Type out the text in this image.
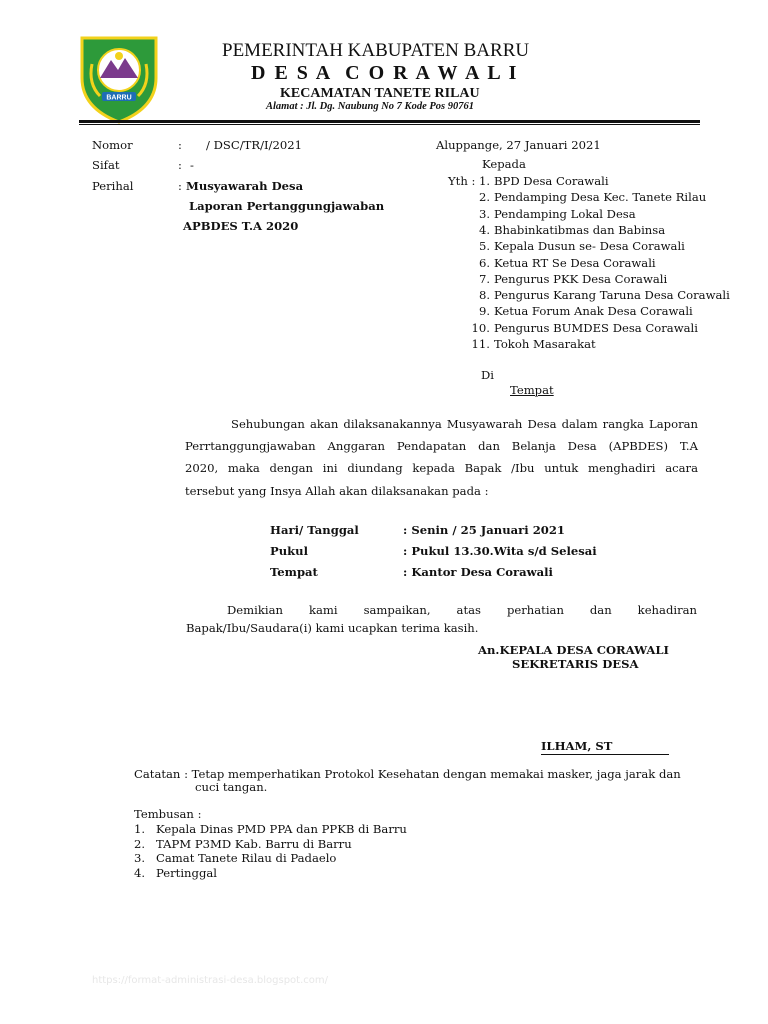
BARRU
PEMERINTAH KABUPATEN BARRU
D E S A  C O R A W A L I
KECAMATAN TANETE RILAU
Alamat : Jl. Dg. Naubung No 7 Kode Pos 90761
Nomor	: / DSC/TR/I/2021
Sifat	: -
Perihal	: Musyawarah Desa
Laporan Pertanggungjawaban
APBDES T.A 2020
Aluppange, 27 Januari 2021
Kepada
Yth : 1. BPD Desa Corawali
2. Pendamping Desa Kec. Tanete Rilau
3. Pendamping Lokal Desa
4. Bhabinkatibmas dan Babinsa
5. Kepala Dusun se- Desa Corawali
6. Ketua RT Se Desa Corawali
7. Pengurus PKK Desa Corawali
8. Pengurus Karang Taruna Desa Corawali
9. Ketua Forum Anak Desa Corawali
10. Pengurus BUMDES Desa Corawali
11. Tokoh Masarakat
Di
Tempat
Sehubungan akan dilaksanakannya Musyawarah Desa dalam rangka Laporan
Perrtanggungjawaban Anggaran Pendapatan dan Belanja Desa (APBDES) T.A
2020, maka dengan ini diundang kepada Bapak /Ibu untuk menghadiri acara
tersebut yang Insya Allah akan dilaksanakan pada :
Hari/ Tanggal	: Senin / 25 Januari 2021
Pukul	: Pukul 13.30.Wita s/d Selesai
Tempat	: Kantor Desa Corawali
Demikian kami sampaikan, atas perhatian dan kehadiran
Bapak/Ibu/Saudara(i) kami ucapkan terima kasih.
An.KEPALA DESA CORAWALI
SEKRETARIS DESA
ILHAM, ST
Catatan : Tetap memperhatikan Protokol Kesehatan dengan memakai masker, jaga jarak dan
cuci tangan.
Tembusan :
1. Kepala Dinas PMD PPA dan PPKB di Barru
2. TAPM P3MD Kab. Barru di Barru
3. Camat Tanete Rilau di Padaelo
4. Pertinggal
https://format-administrasi-desa.blogspot.com/
